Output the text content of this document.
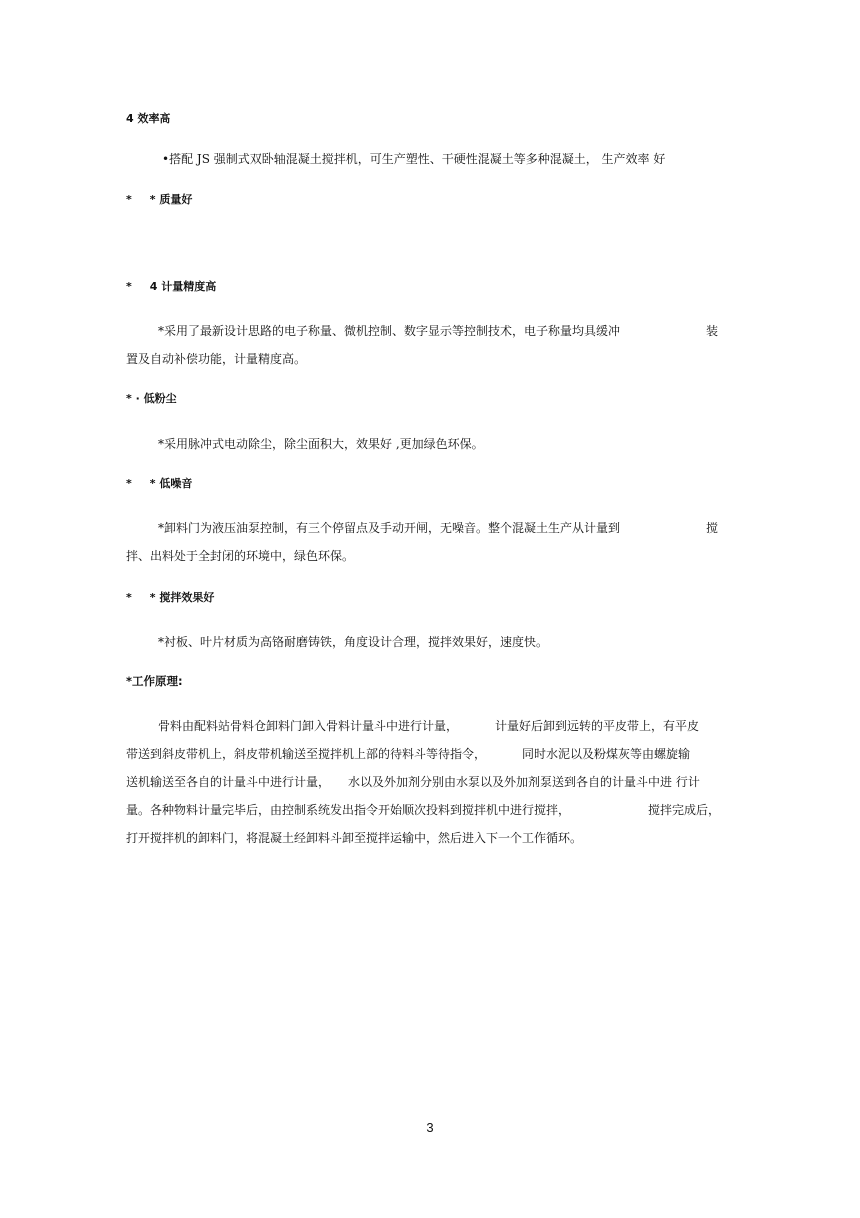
4 效率髙
•搭配 JS 强制式双卧轴混凝土搅拌机，可生产塑性、干硬性混凝土等多种混凝土， 生产效率 好
* * 质量好
* 4 计量精度高
*采用了最新设计思路的电子称量、微机控制、数字显示等控制技术，电子称量均具缓冲	装
置及自动补偿功能，计量精度高。
* · 低粉尘
*采用脉冲式电动除尘，除尘面积大，效果好 ,更加绿色环保。
* * 低噪音
*卸料门为液压油泵控制，有三个停留点及手动开闸，无噪音。整个混凝土生产从计量到	搅
拌、出料处于全封闭的环境中，绿色环保。
* * 搅拌效果好
*衬板、叶片材质为高铬耐磨铸铁，角度设计合理，搅拌效果好，速度快。
*工作原理:
骨料由配料站骨料仓卸料门卸入骨料计量斗中进行计量，	计量好后卸到远转的平皮带上，有平皮
带送到斜皮带机上，斜皮带机输送至搅拌机上部的待料斗等待指令，	同时水泥以及粉煤灰等由螺旋输
送机输送至各自的计量斗中进行计量， 水以及外加剂分别由水泵以及外加剂泵送到各自的计量斗中进 行计
量。各种物料计量完毕后，由控制系统发出指令开始顺次投料到搅拌机中进行搅拌，	搅拌完成后，
打开搅拌机的卸料门，将混凝土经卸料斗卸至搅拌运输中，然后进入下一个工作循环。
3
